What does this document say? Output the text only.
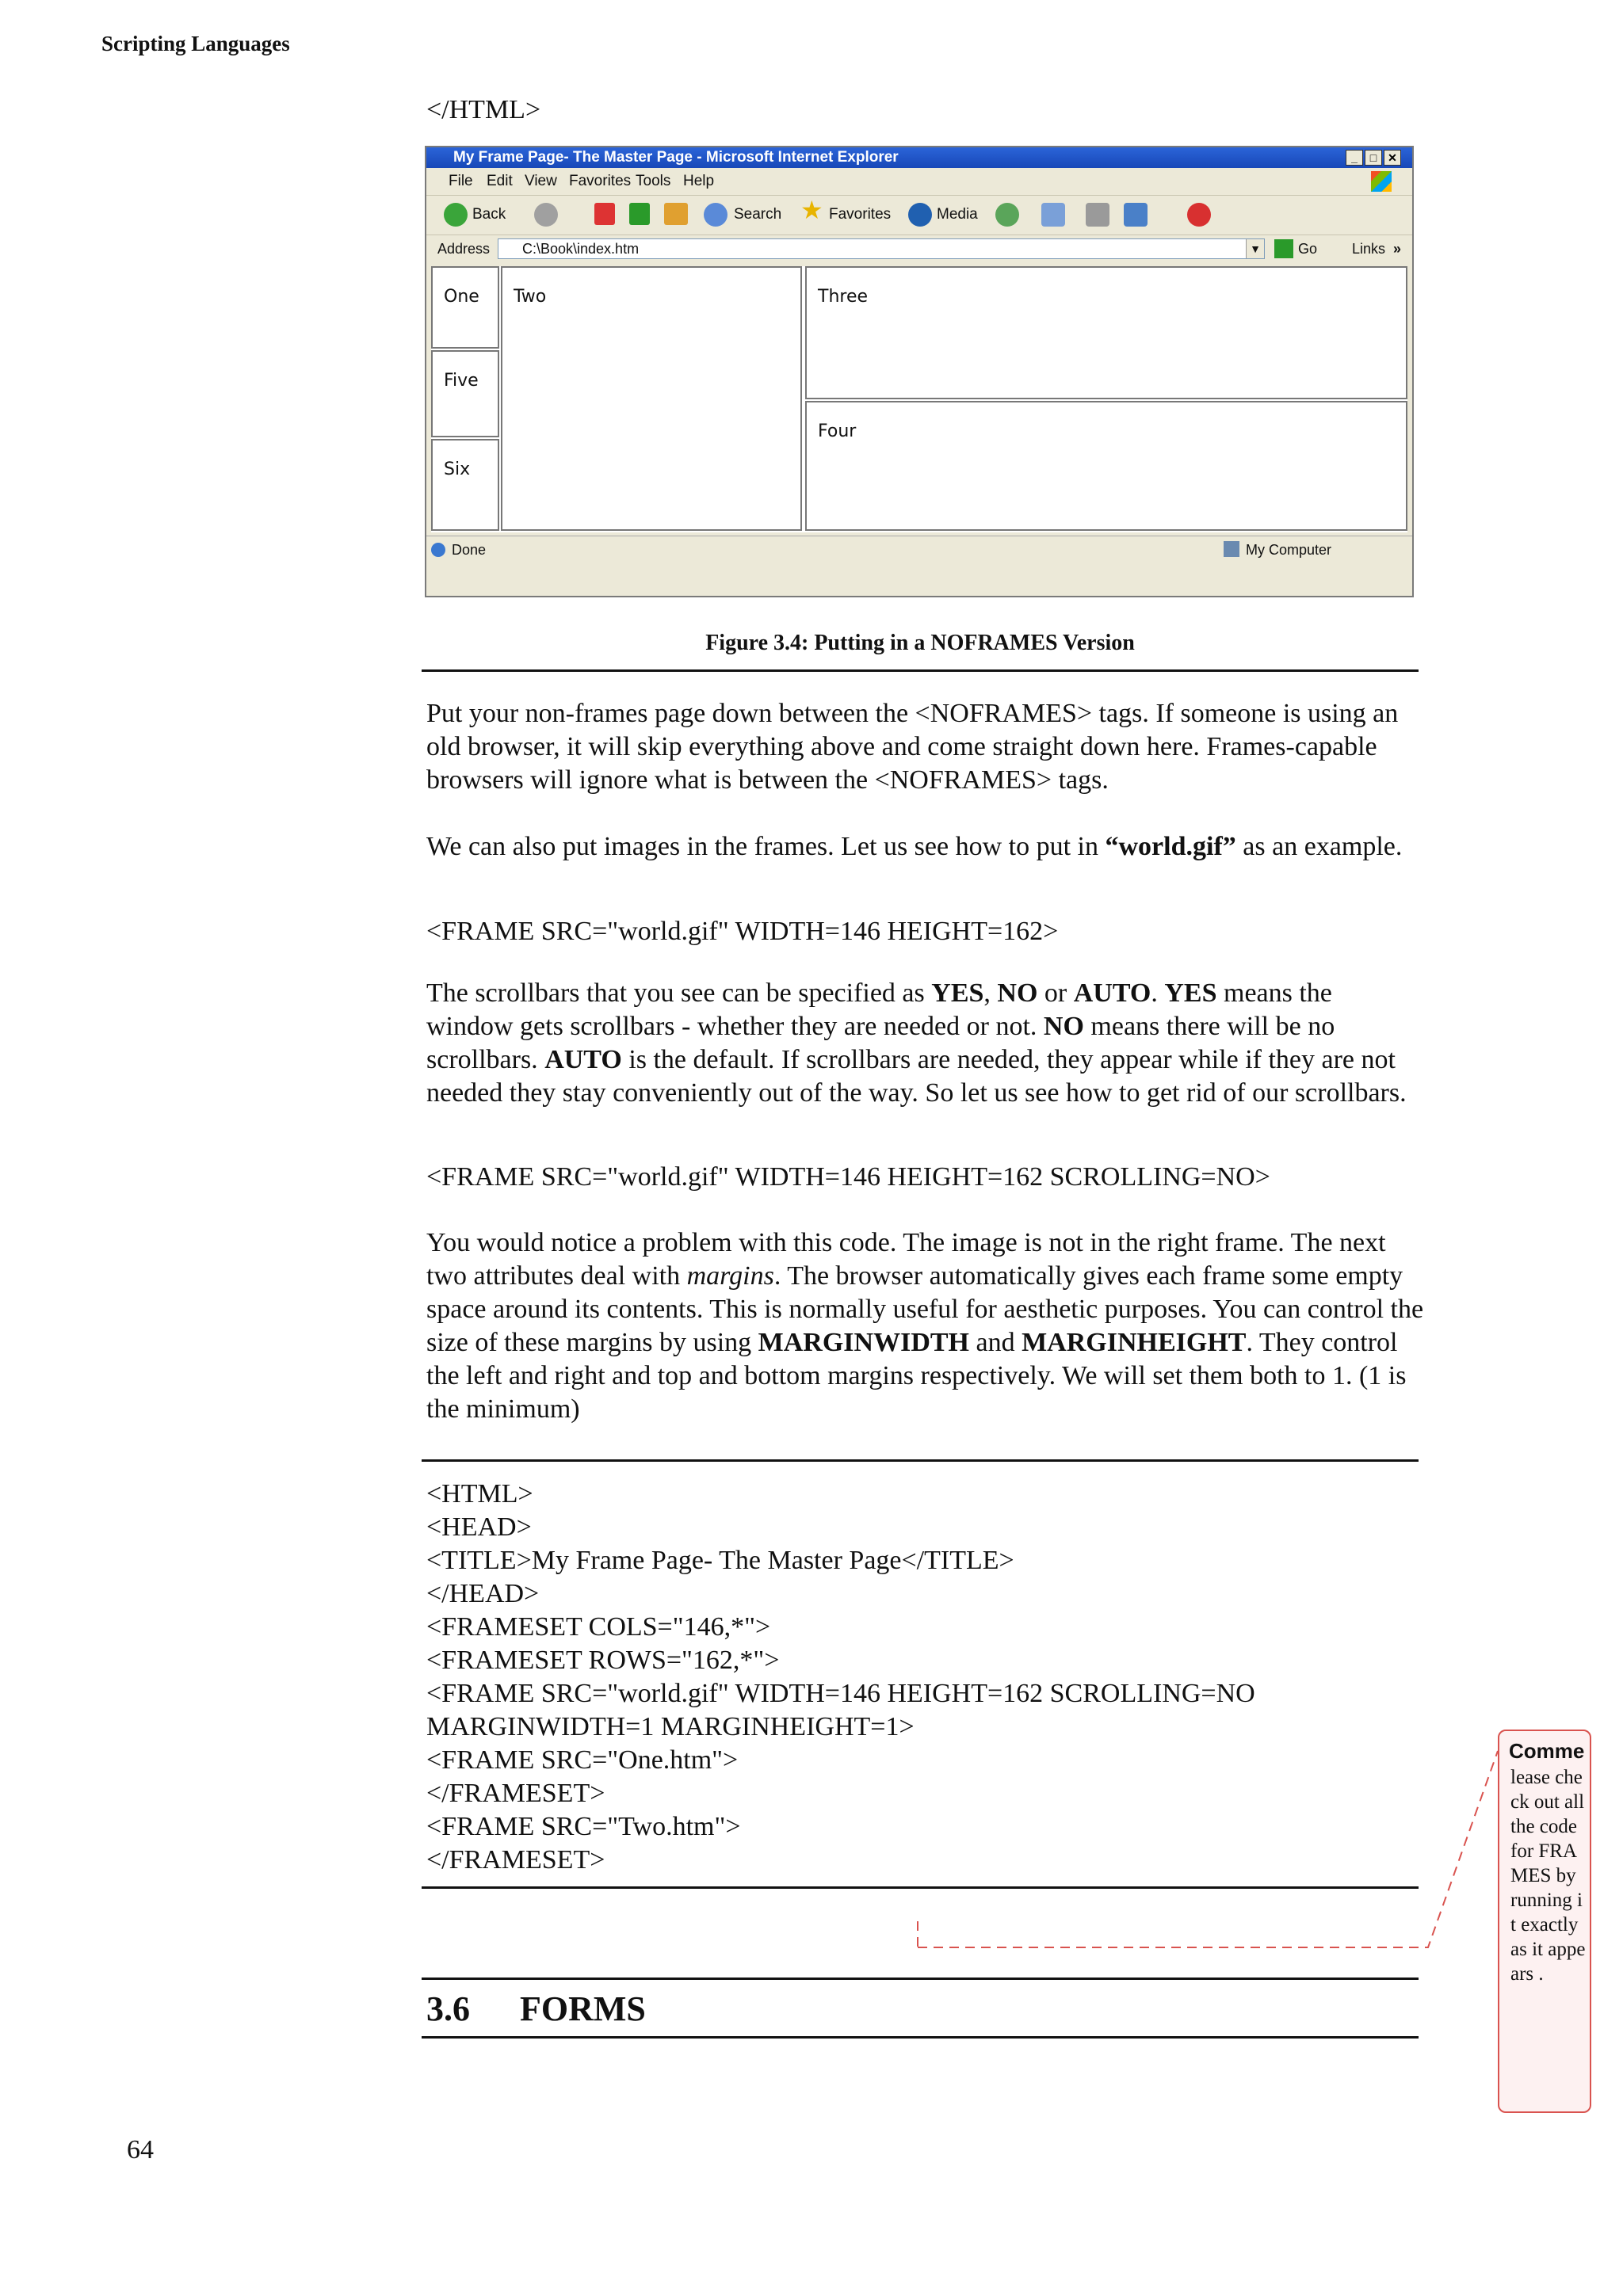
Scripting Languages
</HTML>
My Frame Page- The Master Page - Microsoft Internet Explorer	_	□ ✕
File Edit View Favorites Tools Help
Back	Search ★ Favorites	Media
Address	C:\Book\index.htm	▼	Go Links »
One
Five
Six
Two	Three
Four
Done	My Computer
Figure 3.4: Putting in a NOFRAMES Version
Put your non-frames page down between the <NOFRAMES> tags. If someone is using an old browser, it will skip everything above and come straight down here. Frames-capable browsers will ignore what is between the <NOFRAMES> tags.
We can also put images in the frames. Let us see how to put in “world.gif” as an example.
<FRAME SRC="world.gif" WIDTH=146 HEIGHT=162>
The scrollbars that you see can be specified as YES, NO or AUTO. YES means the window gets scrollbars - whether they are needed or not. NO means there will be no scrollbars. AUTO is the default. If scrollbars are needed, they appear while if they are not needed they stay conveniently out of the way. So let us see how to get rid of our scrollbars.
<FRAME SRC="world.gif" WIDTH=146 HEIGHT=162 SCROLLING=NO>
You would notice a problem with this code. The image is not in the right frame. The next two attributes deal with margins. The browser automatically gives each frame some empty space around its contents. This is normally useful for aesthetic purposes. You can control the size of these margins by using MARGINWIDTH and MARGINHEIGHT. They control the left and right and top and bottom margins respectively. We will set them both to 1. (1 is the minimum)
<HTML>
<HEAD>
<TITLE>My Frame Page- The Master Page</TITLE>
</HEAD>
<FRAMESET COLS="146,*">
<FRAMESET ROWS="162,*">
<FRAME SRC="world.gif" WIDTH=146 HEIGHT=162 SCROLLING=NO
MARGINWIDTH=1 MARGINHEIGHT=1>
<FRAME SRC="One.htm">
</FRAMESET>
<FRAME SRC="Two.htm">
</FRAMESET>
3.6 FORMS
Comme
lease check out all the code for FRAMES by running it exactly as it appears .
64
